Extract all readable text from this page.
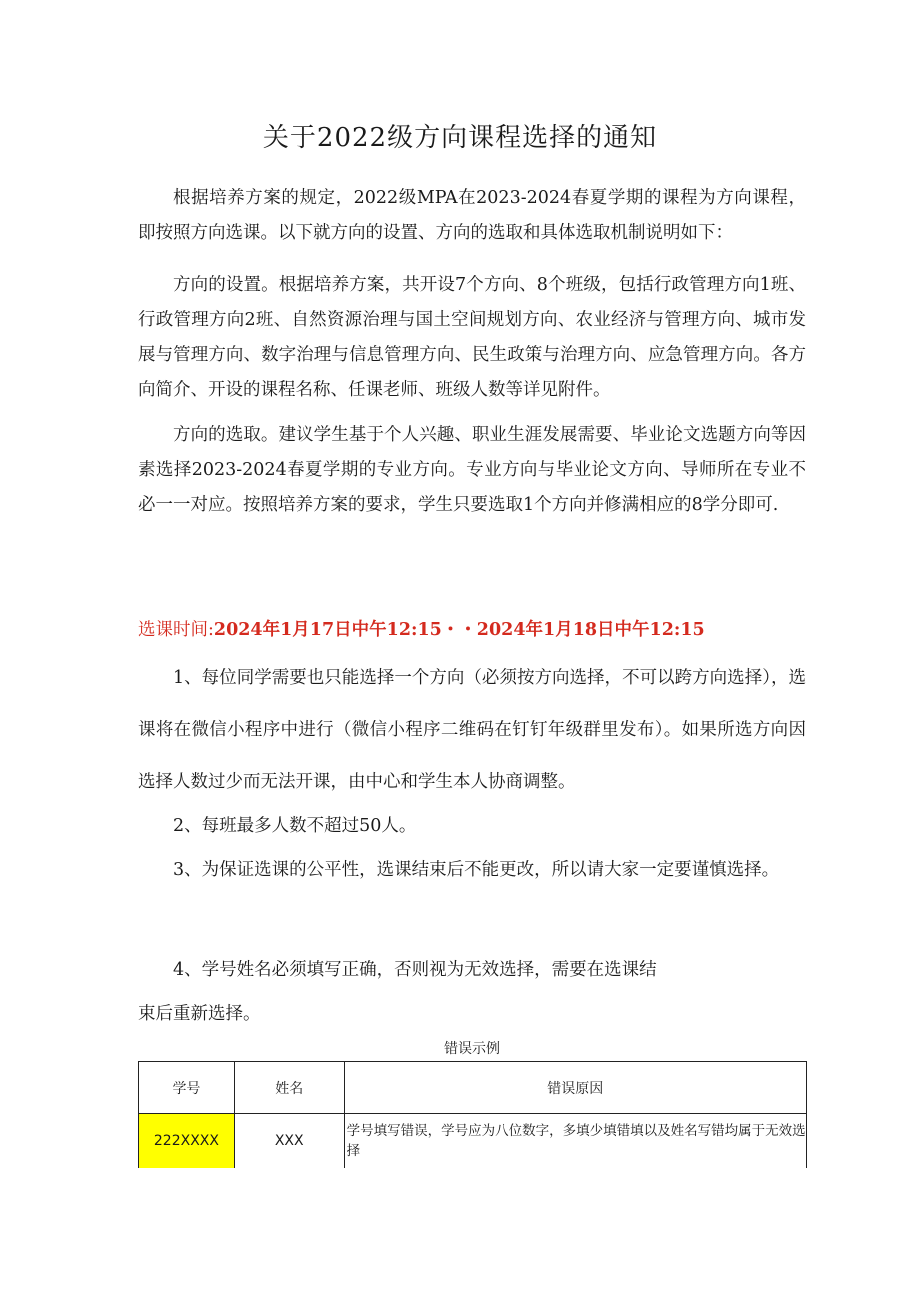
关于2022级方向课程选择的通知

根据培养方案的规定，2022级MPA在2023-2024春夏学期的课程为方向课程，即按照方向选课。以下就方向的设置、方向的选取和具体选取机制说明如下：

方向的设置。根据培养方案，共开设7个方向、8个班级，包括行政管理方向1班、行政管理方向2班、自然资源治理与国土空间规划方向、农业经济与管理方向、城市发展与管理方向、数字治理与信息管理方向、民生政策与治理方向、应急管理方向。各方向简介、开设的课程名称、任课老师、班级人数等详见附件。

方向的选取。建议学生基于个人兴趣、职业生涯发展需要、毕业论文选题方向等因素选择2023-2024春夏学期的专业方向。专业方向与毕业论文方向、导师所在专业不必一一对应。按照培养方案的要求，学生只要选取1个方向并修满相应的8学分即可.

选课时间:2024年1月17日中午12:15・・2024年1月18日中午12:15

1、每位同学需要也只能选择一个方向（必须按方向选择，不可以跨方向选择），选课将在微信小程序中进行（微信小程序二维码在钉钉年级群里发布）。如果所选方向因选择人数过少而无法开课，由中心和学生本人协商调整。

2、每班最多人数不超过50人。

3、为保证选课的公平性，选课结束后不能更改，所以请大家一定要谨慎选择。

4、学号姓名必须填写正确，否则视为无效选择，需要在选课结
束后重新选择。

错误示例

学号	姓名	错误原因
222XXXX	XXX	学号填写错误，学号应为八位数字，多填少填错填以及姓名写错均属于无效选择
